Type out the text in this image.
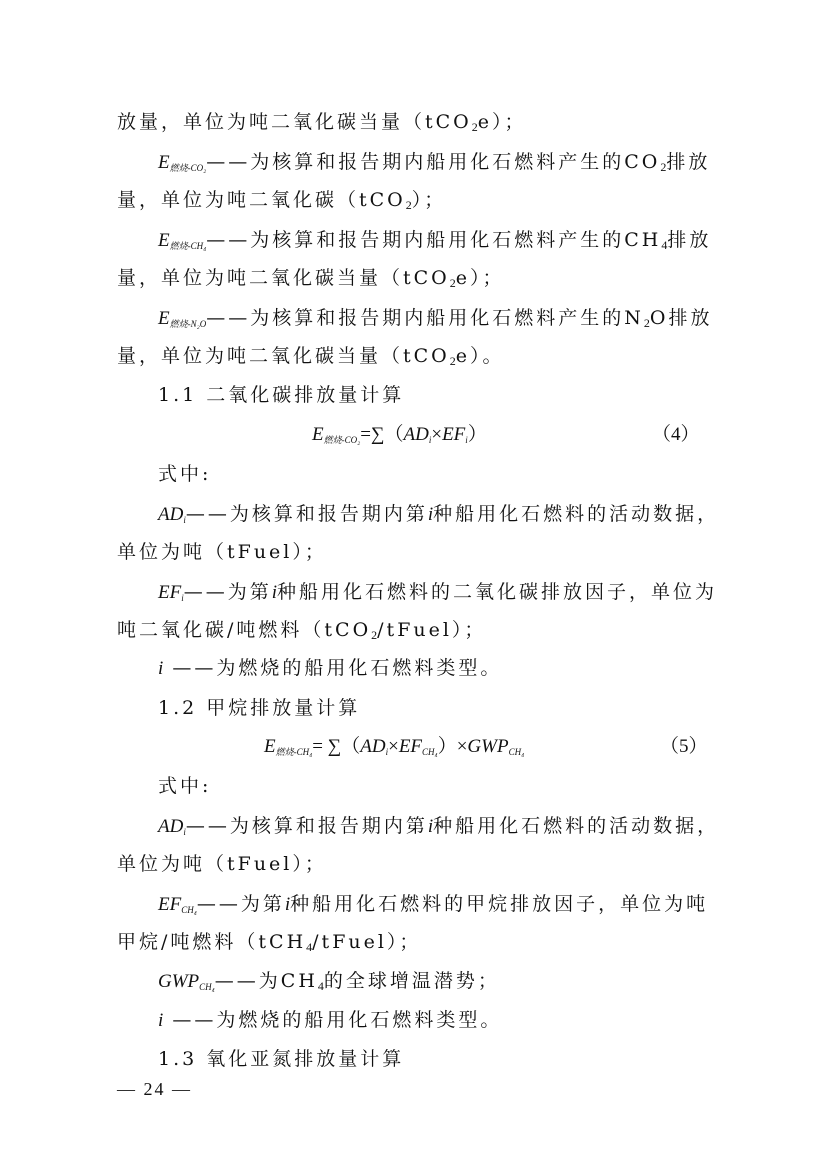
放量，单位为吨二氧化碳当量（tCO2e）；
$E_{燃烧-CO_2}——$为核算和报告期内船用化石燃料产生的CO2排放
量，单位为吨二氧化碳（tCO2）；
$E_{燃烧-CH_4}——$为核算和报告期内船用化石燃料产生的CH4排放
量，单位为吨二氧化碳当量（tCO2e）；
$E_{燃烧-N_2O}——$为核算和报告期内船用化石燃料产生的N2O排放
量，单位为吨二氧化碳当量（tCO2e）。
1.1 二氧化碳排放量计算
$E_{燃烧-CO_2}=\sum(AD_i\times EF_i)$	（4）
式中:
$AD_i——$为核算和报告期内第i种船用化石燃料的活动数据，
单位为吨（tFuel）；
$EF_i——$为第i种船用化石燃料的二氧化碳排放因子，单位为
吨二氧化碳/吨燃料（tCO2/tFuel）；
i ——为燃烧的船用化石燃料类型。
1.2 甲烷排放量计算
$E_{燃烧-CH_4}= \sum(AD_i\times EF_{CH_4})\times GWP_{CH_4}$	（5）
式中:
$AD_i——$为核算和报告期内第i种船用化石燃料的活动数据，
单位为吨（tFuel）；
$EF_{CH_4}——$为第i种船用化石燃料的甲烷排放因子，单位为吨
甲烷/吨燃料（tCH4/tFuel）；
$GWP_{CH_4}——$为CH4的全球增温潜势；
i ——为燃烧的船用化石燃料类型。
1.3 氧化亚氮排放量计算
— 24 —
